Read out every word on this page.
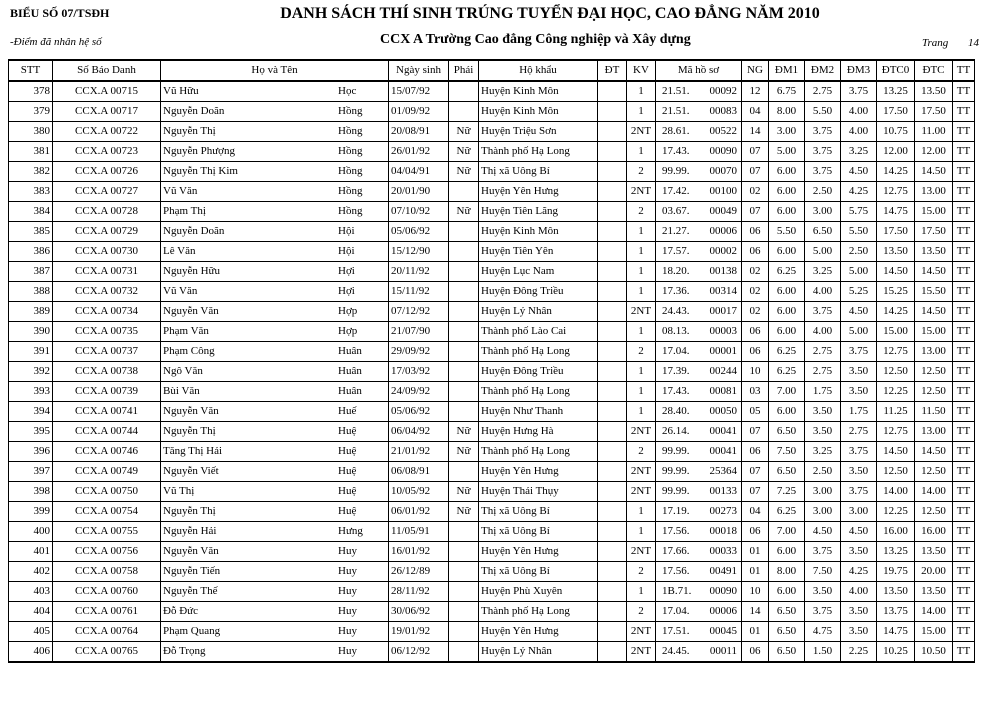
BIỂU SỐ 07/TSĐH	DANH SÁCH THÍ SINH TRÚNG TUYỂN ĐẠI HỌC, CAO ĐẲNG NĂM 2010
-Điểm đã nhân hệ số	CCX A Trường Cao đẳng Công nghiệp và Xây dựng	Trang 14
STT	Số Báo Danh	Họ và Tên	Ngày sinh	Phái	Hộ khẩu	ĐT	KV	Mã hồ sơ	NG	ĐM1	ĐM2	ĐM3	ĐTC0	ĐTC	TT
378	CCX.A 00715	Vũ Hữu Học	15/07/92		Huyện Kinh Môn		1	21.51. 00092	12	6.75	2.75	3.75	13.25	13.50	TT
379	CCX.A 00717	Nguyễn Doãn Hồng	01/09/92		Huyện Kinh Môn		1	21.51. 00083	04	8.00	5.50	4.00	17.50	17.50	TT
380	CCX.A 00722	Nguyễn Thị Hồng	20/08/91	Nữ	Huyện Triệu Sơn		2NT	28.61. 00522	14	3.00	3.75	4.00	10.75	11.00	TT
381	CCX.A 00723	Nguyễn Phượng Hồng	26/01/92	Nữ	Thành phố Hạ Long		1	17.43. 00090	07	5.00	3.75	3.25	12.00	12.00	TT
382	CCX.A 00726	Nguyễn Thị Kim Hồng	04/04/91	Nữ	Thị xã Uông Bí		2	99.99. 00070	07	6.00	3.75	4.50	14.25	14.50	TT
383	CCX.A 00727	Vũ Văn Hồng	20/01/90		Huyện Yên Hưng		2NT	17.42. 00100	02	6.00	2.50	4.25	12.75	13.00	TT
384	CCX.A 00728	Phạm Thị Hồng	07/10/92	Nữ	Huyện Tiên Lãng		2	03.67. 00049	07	6.00	3.00	5.75	14.75	15.00	TT
385	CCX.A 00729	Nguyễn Doãn Hội	05/06/92		Huyện Kinh Môn		1	21.27. 00006	06	5.50	6.50	5.50	17.50	17.50	TT
386	CCX.A 00730	Lê Văn Hội	15/12/90		Huyện Tiên Yên		1	17.57. 00002	06	6.00	5.00	2.50	13.50	13.50	TT
387	CCX.A 00731	Nguyễn Hữu Hợi	20/11/92		Huyện Lục Nam		1	18.20. 00138	02	6.25	3.25	5.00	14.50	14.50	TT
388	CCX.A 00732	Vũ Văn Hợi	15/11/92		Huyện Đông Triều		1	17.36. 00314	02	6.00	4.00	5.25	15.25	15.50	TT
389	CCX.A 00734	Nguyễn Văn Hợp	07/12/92		Huyện Lý Nhân		2NT	24.43. 00017	02	6.00	3.75	4.50	14.25	14.50	TT
390	CCX.A 00735	Phạm Văn Hợp	21/07/90		Thành phố Lào Cai		1	08.13. 00003	06	6.00	4.00	5.00	15.00	15.00	TT
391	CCX.A 00737	Phạm Công Huân	29/09/92		Thành phố Hạ Long		2	17.04. 00001	06	6.25	2.75	3.75	12.75	13.00	TT
392	CCX.A 00738	Ngô Văn Huân	17/03/92		Huyện Đông Triều		1	17.39. 00244	10	6.25	2.75	3.50	12.50	12.50	TT
393	CCX.A 00739	Bùi Văn Huân	24/09/92		Thành phố Hạ Long		1	17.43. 00081	03	7.00	1.75	3.50	12.25	12.50	TT
394	CCX.A 00741	Nguyễn Văn Huế	05/06/92		Huyện Như Thanh		1	28.40. 00050	05	6.00	3.50	1.75	11.25	11.50	TT
395	CCX.A 00744	Nguyễn Thị Huệ	06/04/92	Nữ	Huyện Hưng Hà		2NT	26.14. 00041	07	6.50	3.50	2.75	12.75	13.00	TT
396	CCX.A 00746	Tăng Thị Hải Huệ	21/01/92	Nữ	Thành phố Hạ Long		2	99.99. 00041	06	7.50	3.25	3.75	14.50	14.50	TT
397	CCX.A 00749	Nguyễn Viết Huệ	06/08/91		Huyện Yên Hưng		2NT	99.99. 25364	07	6.50	2.50	3.50	12.50	12.50	TT
398	CCX.A 00750	Vũ Thị Huệ	10/05/92	Nữ	Huyện Thái Thụy		2NT	99.99. 00133	07	7.25	3.00	3.75	14.00	14.00	TT
399	CCX.A 00754	Nguyễn Thị Huệ	06/01/92	Nữ	Thị xã Uông Bí		1	17.19. 00273	04	6.25	3.00	3.00	12.25	12.50	TT
400	CCX.A 00755	Nguyễn Hải Hưng	11/05/91		Thị xã Uông Bí		1	17.56. 00018	06	7.00	4.50	4.50	16.00	16.00	TT
401	CCX.A 00756	Nguyễn Văn Huy	16/01/92		Huyện Yên Hưng		2NT	17.66. 00033	01	6.00	3.75	3.50	13.25	13.50	TT
402	CCX.A 00758	Nguyễn Tiến Huy	26/12/89		Thị xã Uông Bí		2	17.56. 00491	01	8.00	7.50	4.25	19.75	20.00	TT
403	CCX.A 00760	Nguyễn Thế Huy	28/11/92		Huyện Phù Xuyên		1	1B.71. 00090	10	6.00	3.50	4.00	13.50	13.50	TT
404	CCX.A 00761	Đỗ Đức Huy	30/06/92		Thành phố Hạ Long		2	17.04. 00006	14	6.50	3.75	3.50	13.75	14.00	TT
405	CCX.A 00764	Phạm Quang Huy	19/01/92		Huyện Yên Hưng		2NT	17.51. 00045	01	6.50	4.75	3.50	14.75	15.00	TT
406	CCX.A 00765	Đỗ Trọng Huy	06/12/92		Huyện Lý Nhân		2NT	24.45. 00011	06	6.50	1.50	2.25	10.25	10.50	TT
